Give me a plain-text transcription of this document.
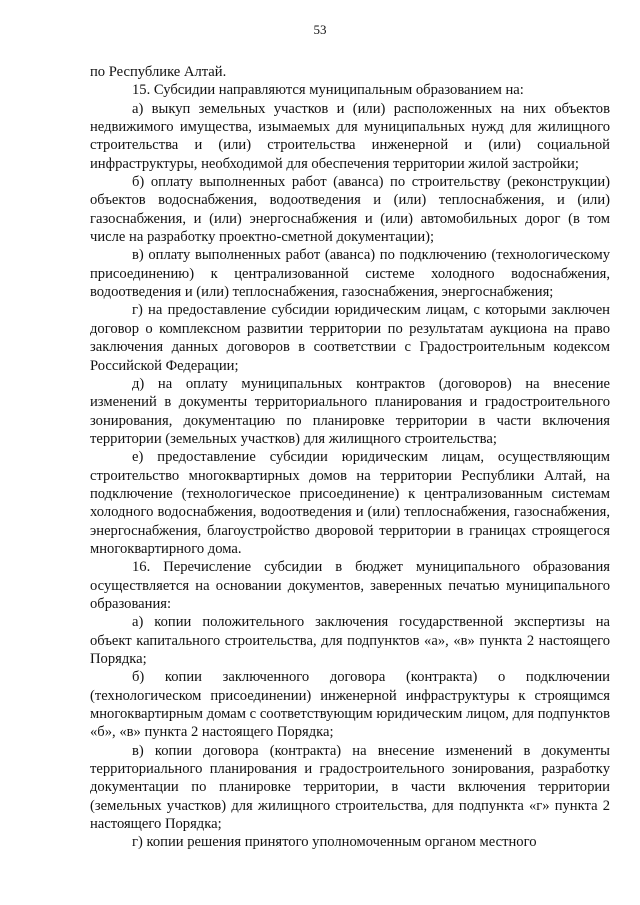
53

по Республике Алтай.

15. Субсидии направляются муниципальным образованием на:

а) выкуп земельных участков и (или) расположенных на них объектов недвижимого имущества, изымаемых для муниципальных нужд для жилищного строительства и (или) строительства инженерной и (или) социальной инфраструктуры, необходимой для обеспечения территории жилой застройки;

б) оплату выполненных работ (аванса) по строительству (реконструкции) объектов водоснабжения, водоотведения и (или) теплоснабжения, и (или) газоснабжения, и (или) энергоснабжения и (или) автомобильных дорог (в том числе на разработку проектно-сметной документации);

в) оплату выполненных работ (аванса) по подключению (технологическому присоединению) к централизованной системе холодного водоснабжения, водоотведения и (или) теплоснабжения, газоснабжения, энергоснабжения;

г) на предоставление субсидии юридическим лицам, с которыми заключен договор о комплексном развитии территории по результатам аукциона на право заключения данных договоров в соответствии с Градостроительным кодексом Российской Федерации;

д) на оплату муниципальных контрактов (договоров) на внесение изменений в документы территориального планирования и градостроительного зонирования, документацию по планировке территории в части включения территории (земельных участков) для жилищного строительства;

е) предоставление субсидии юридическим лицам, осуществляющим строительство многоквартирных домов на территории Республики Алтай, на подключение (технологическое присоединение) к централизованным системам холодного водоснабжения, водоотведения и (или) теплоснабжения, газоснабжения, энергоснабжения, благоустройство дворовой территории в границах строящегося многоквартирного дома.

16. Перечисление субсидии в бюджет муниципального образования осуществляется на основании документов, заверенных печатью муниципального образования:

а) копии положительного заключения государственной экспертизы на объект капитального строительства, для подпунктов «а», «в» пункта 2 настоящего Порядка;

б) копии заключенного договора (контракта) о подключении (технологическом присоединении) инженерной инфраструктуры к строящимся многоквартирным домам с соответствующим юридическим лицом, для подпунктов «б», «в» пункта 2 настоящего Порядка;

в) копии договора (контракта) на внесение изменений в документы территориального планирования и градостроительного зонирования, разработку документации по планировке территории, в части включения территории (земельных участков) для жилищного строительства, для подпункта «г» пункта 2 настоящего Порядка;

г) копии решения принятого уполномоченным органом местного
